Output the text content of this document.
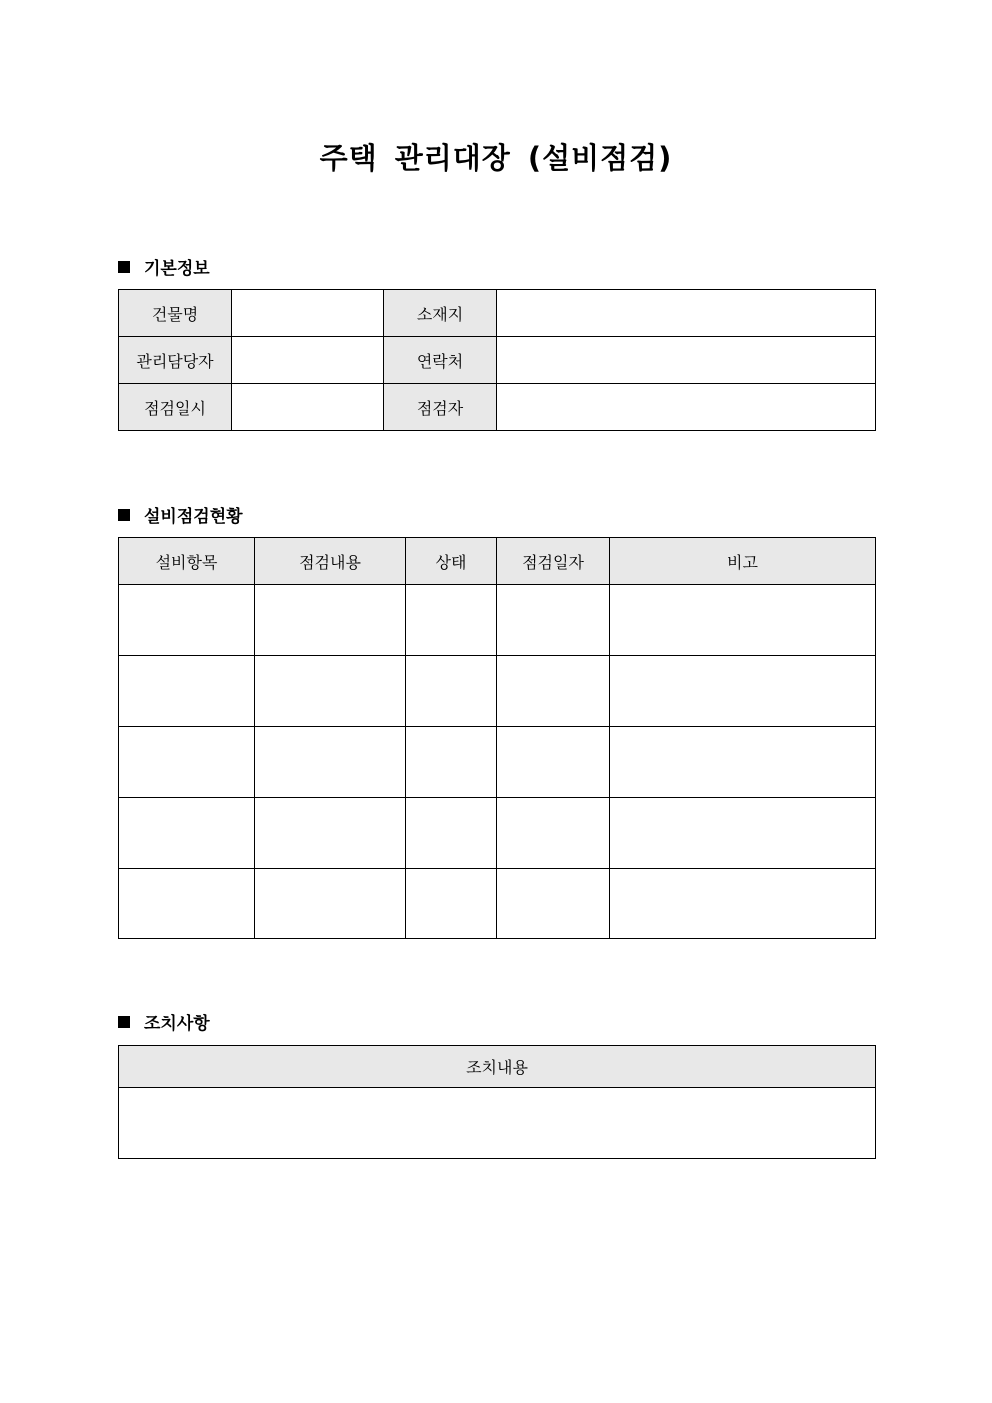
주택 관리대장 (설비점검)
기본정보
건물명		소재지	
관리담당자		연락처	
점검일시		점검자	
설비점검현황
설비항목	점검내용	상태	점검일자	비고

조치사항
조치내용
